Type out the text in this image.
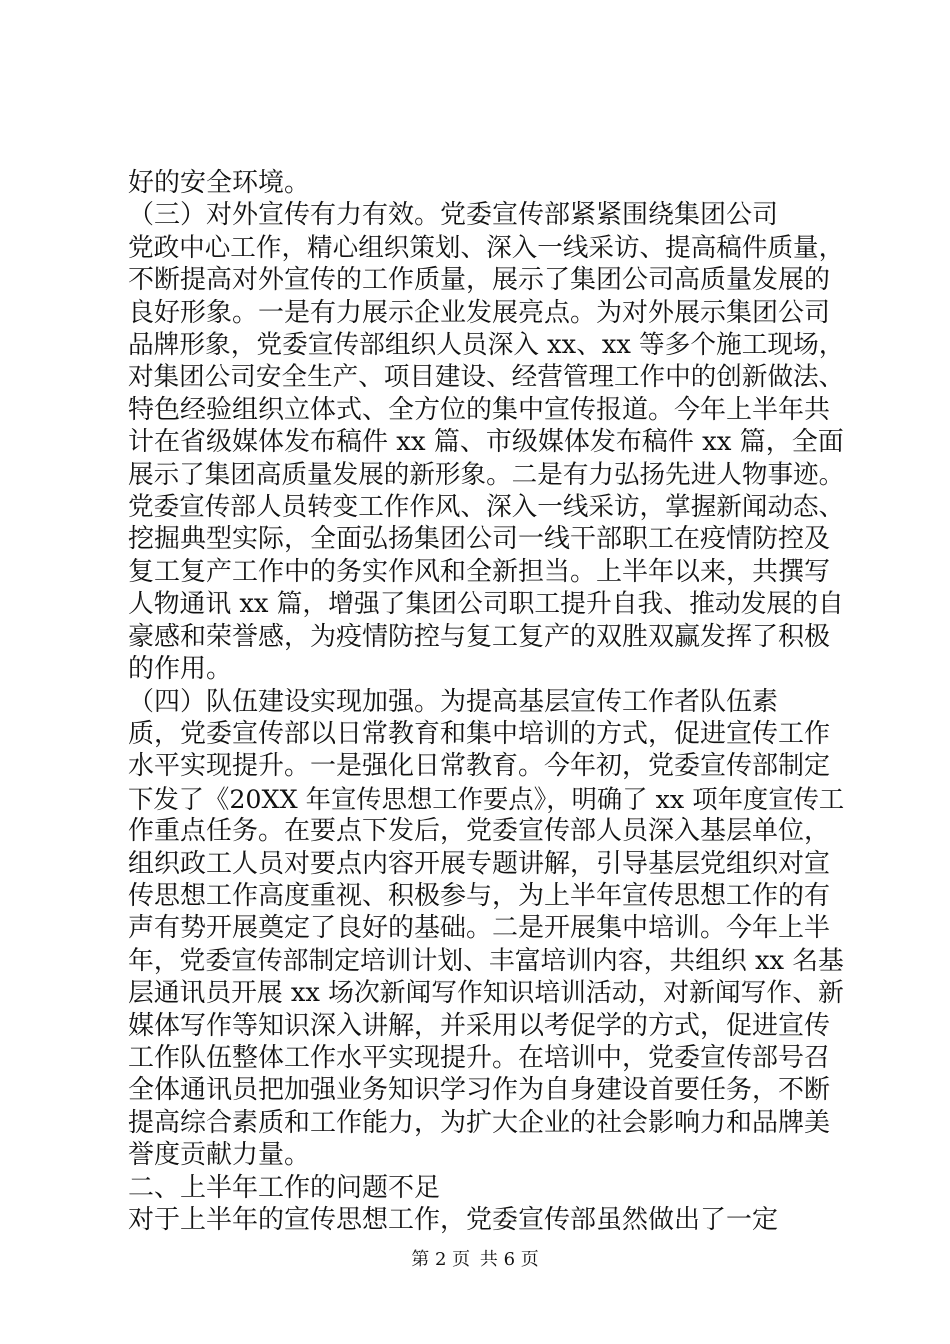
好的安全环境。

（三）对外宣传有力有效。党委宣传部紧紧围绕集团公司

党政中心工作，精心组织策划、深入一线采访、提高稿件质量，

不断提高对外宣传的工作质量，展示了集团公司高质量发展的

良好形象。一是有力展示企业发展亮点。为对外展示集团公司

品牌形象，党委宣传部组织人员深入 xx、xx 等多个施工现场，

对集团公司安全生产、项目建设、经营管理工作中的创新做法、

特色经验组织立体式、全方位的集中宣传报道。今年上半年共

计在省级媒体发布稿件 xx 篇、市级媒体发布稿件 xx 篇，全面

展示了集团高质量发展的新形象。二是有力弘扬先进人物事迹。

党委宣传部人员转变工作作风、深入一线采访，掌握新闻动态、

挖掘典型实际，全面弘扬集团公司一线干部职工在疫情防控及

复工复产工作中的务实作风和全新担当。上半年以来，共撰写

人物通讯 xx 篇，增强了集团公司职工提升自我、推动发展的自

豪感和荣誉感，为疫情防控与复工复产的双胜双赢发挥了积极

的作用。

（四）队伍建设实现加强。为提高基层宣传工作者队伍素

质，党委宣传部以日常教育和集中培训的方式，促进宣传工作

水平实现提升。一是强化日常教育。今年初，党委宣传部制定

下发了《20XX 年宣传思想工作要点》，明确了 xx 项年度宣传工

作重点任务。在要点下发后，党委宣传部人员深入基层单位，

组织政工人员对要点内容开展专题讲解，引导基层党组织对宣

传思想工作高度重视、积极参与，为上半年宣传思想工作的有

声有势开展奠定了良好的基础。二是开展集中培训。今年上半

年，党委宣传部制定培训计划、丰富培训内容，共组织 xx 名基

层通讯员开展 xx 场次新闻写作知识培训活动，对新闻写作、新

媒体写作等知识深入讲解，并采用以考促学的方式，促进宣传

工作队伍整体工作水平实现提升。在培训中，党委宣传部号召

全体通讯员把加强业务知识学习作为自身建设首要任务，不断

提高综合素质和工作能力，为扩大企业的社会影响力和品牌美

誉度贡献力量。

二、上半年工作的问题不足

对于上半年的宣传思想工作，党委宣传部虽然做出了一定

第 2 页 共 6 页
